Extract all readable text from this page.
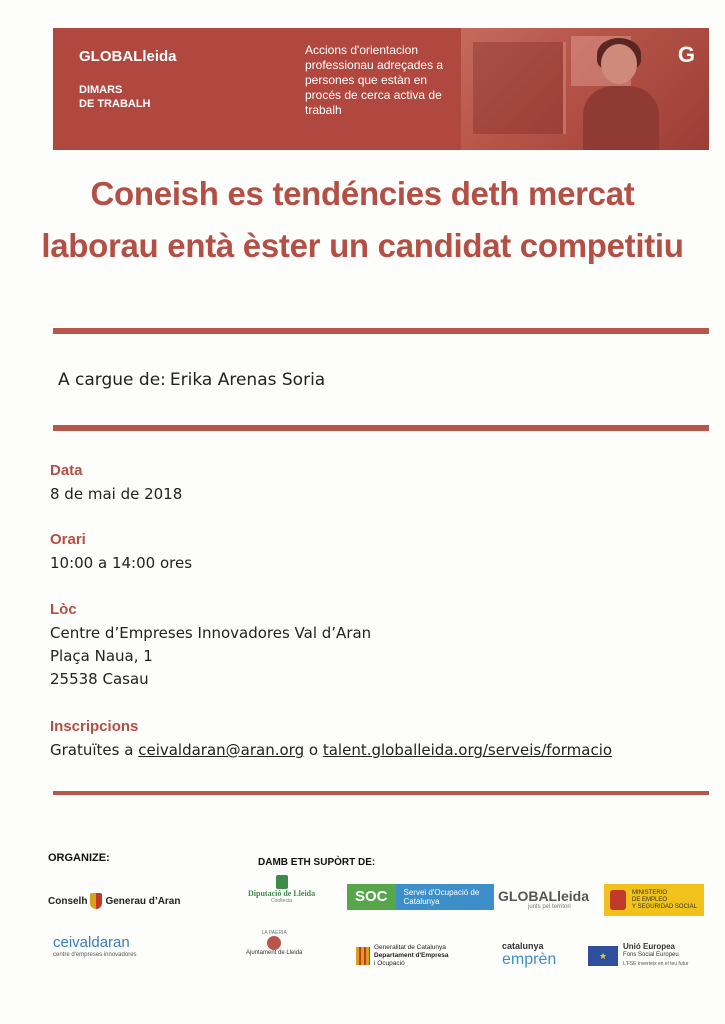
GLOBALleida
DIMARS
DE TRABALH
Accions d'orientacion professionau adreçades a persones que estàn en procés de cerca activa de trabalh
G
Coneish es tendéncies deth mercat laborau entà èster un candidat competitiu
A cargue de: Erika Arenas Soria
Data
8 de mai de 2018
Orari
10:00 a 14:00 ores
Lòc
Centre d’Empreses Innovadores Val d’Aran
Plaça Naua, 1
25538 Casau
Inscripcions
Gratuïtes a ceivaldaran@aran.org o talent.globalleida.org/serveis/formacio
ORGANIZE:	DAMB ETH SUPÒRT DE:
Conselh Generau d’Aran
ceivaldaran
centre d'empreses innovadores
Diputació de Lleida
Cooltecta
LA PAERIA
Ajuntament de Lleida
SOC	Servei d'Ocupació de Catalunya
Generalitat de Catalunya
Departament d'Empresa
i Ocupació
GLOBALleida
junts pel territori
catalunya
emprèn
MINISTERIO
DE EMPLEO
Y SEGURIDAD SOCIAL
★
Unió Europea
Fons Social Europeu
L'FSE inverteix en el teu futur
